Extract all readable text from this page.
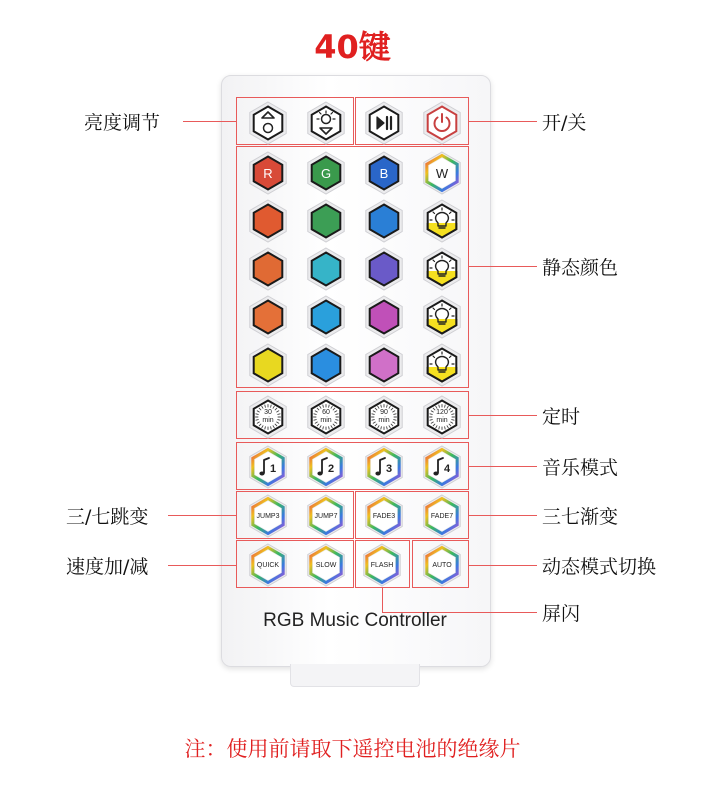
40键
亮度调节	开/关
静态颜色
定时
音乐模式
三/七跳变	三七渐变
速度加/减	动态模式切换
屏闪
R	G	B	W
30
min
60
min
90
min
120
min
1	2	3	4
JUMP3	JUMP7	FADE3	FADE7
QUICK	SLOW	FLASH	AUTO
RGB Music Controller
注：使用前请取下遥控电池的绝缘片
